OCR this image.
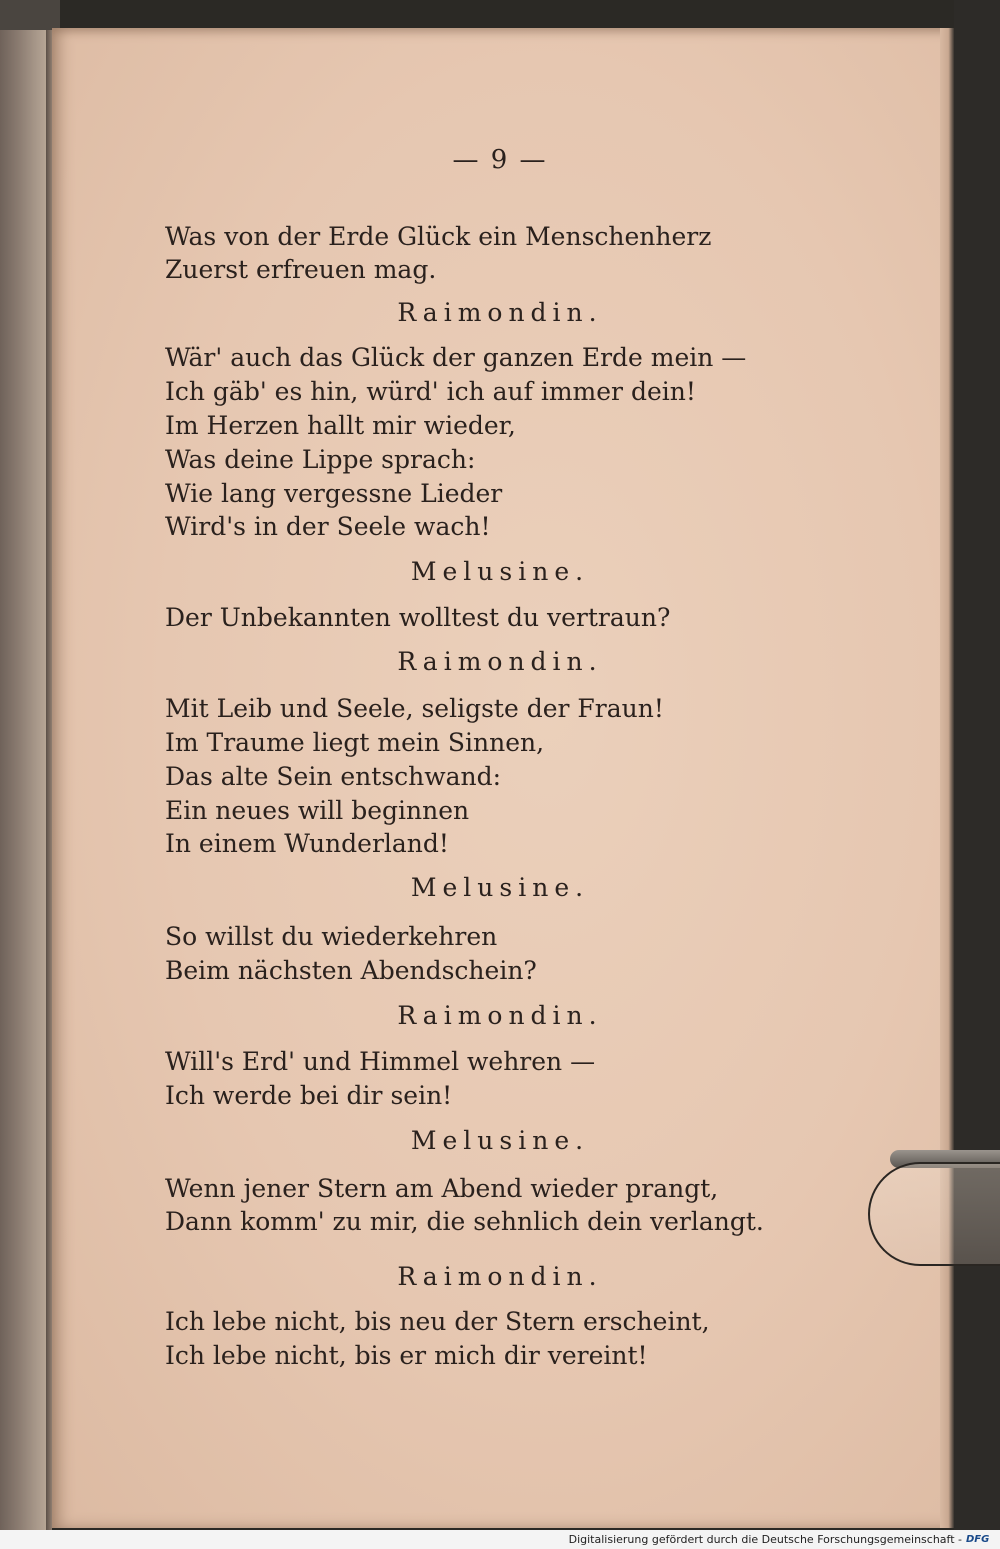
— 9 —
Was von der Erde Glück ein Menschenherz
Zuerst erfreuen mag.
Raimondin.
Wär' auch das Glück der ganzen Erde mein —
Ich gäb' es hin, würd' ich auf immer dein!
Im Herzen hallt mir wieder,
Was deine Lippe sprach:
Wie lang vergessne Lieder
Wird's in der Seele wach!
Melusine.
Der Unbekannten wolltest du vertraun?
Raimondin.
Mit Leib und Seele, seligste der Fraun!
Im Traume liegt mein Sinnen,
Das alte Sein entschwand:
Ein neues will beginnen
In einem Wunderland!
Melusine.
So willst du wiederkehren
Beim nächsten Abendschein?
Raimondin.
Will's Erd' und Himmel wehren —
Ich werde bei dir sein!
Melusine.
Wenn jener Stern am Abend wieder prangt,
Dann komm' zu mir, die sehnlich dein verlangt.
Raimondin.
Ich lebe nicht, bis neu der Stern erscheint,
Ich lebe nicht, bis er mich dir vereint!
Digitalisierung gefördert durch die Deutsche Forschungsgemeinschaft - DFG
